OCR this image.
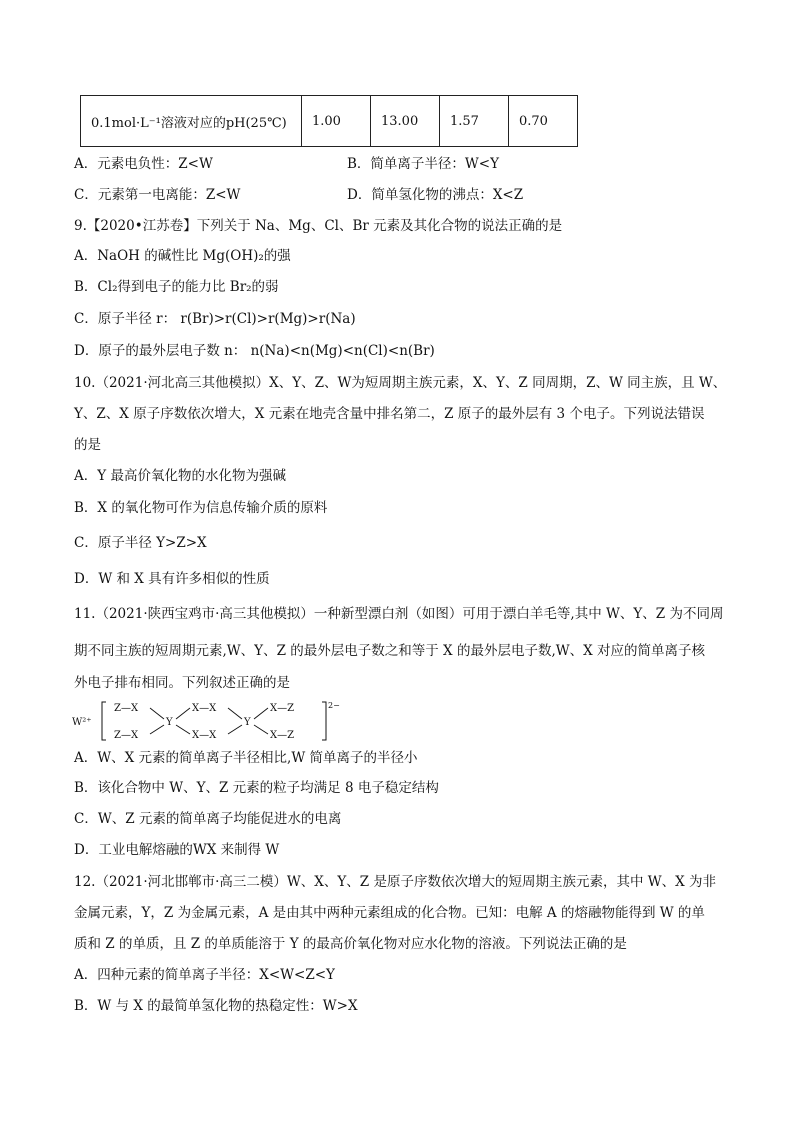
0.1mol·L⁻¹溶液对应的pH(25℃)	1.00	13.00	1.57	0.70
A．元素电负性：Z<W	B．简单离子半径：W<Y
C．元素第一电离能：Z<W	D．简单氢化物的沸点：X<Z
9.【2020•江苏卷】下列关于 Na、Mg、Cl、Br 元素及其化合物的说法正确的是
A．NaOH 的碱性比 Mg(OH)₂的强
B．Cl₂得到电子的能力比 Br₂的弱
C．原子半径 r： r(Br)>r(Cl)>r(Mg)>r(Na)
D．原子的最外层电子数 n： n(Na)<n(Mg)<n(Cl)<n(Br)
10.（2021·河北高三其他模拟）X、Y、Z、W为短周期主族元素，X、Y、Z 同周期，Z、W 同主族，且 W、
Y、Z、X 原子序数依次增大，X 元素在地壳含量中排名第二，Z 原子的最外层有 3 个电子。下列说法错误
的是
A．Y 最高价氧化物的水化物为强碱
B．X 的氧化物可作为信息传输介质的原料
C．原子半径 Y>Z>X
D．W 和 X 具有许多相似的性质
11.（2021·陕西宝鸡市·高三其他模拟）一种新型漂白剂（如图）可用于漂白羊毛等,其中 W、Y、Z 为不同周
期不同主族的短周期元素,W、Y、Z 的最外层电子数之和等于 X 的最外层电子数,W、X 对应的简单离子核
外电子排布相同。下列叙述正确的是
W²⁺
2−
Z—X
Z—X
Y
X—X
X—X
Y
X—Z
X—Z
A．W、X 元素的简单离子半径相比,W 简单离子的半径小
B．该化合物中 W、Y、Z 元素的粒子均满足 8 电子稳定结构
C．W、Z 元素的简单离子均能促进水的电离
D．工业电解熔融的WX 来制得 W
12.（2021·河北邯郸市·高三二模）W、X、Y、Z 是原子序数依次增大的短周期主族元素，其中 W、X 为非
金属元素，Y，Z 为金属元素，A 是由其中两种元素组成的化合物。已知：电解 A 的熔融物能得到 W 的单
质和 Z 的单质，且 Z 的单质能溶于 Y 的最高价氧化物对应水化物的溶液。下列说法正确的是
A．四种元素的简单离子半径：X<W<Z<Y
B．W 与 X 的最简单氢化物的热稳定性：W>X
